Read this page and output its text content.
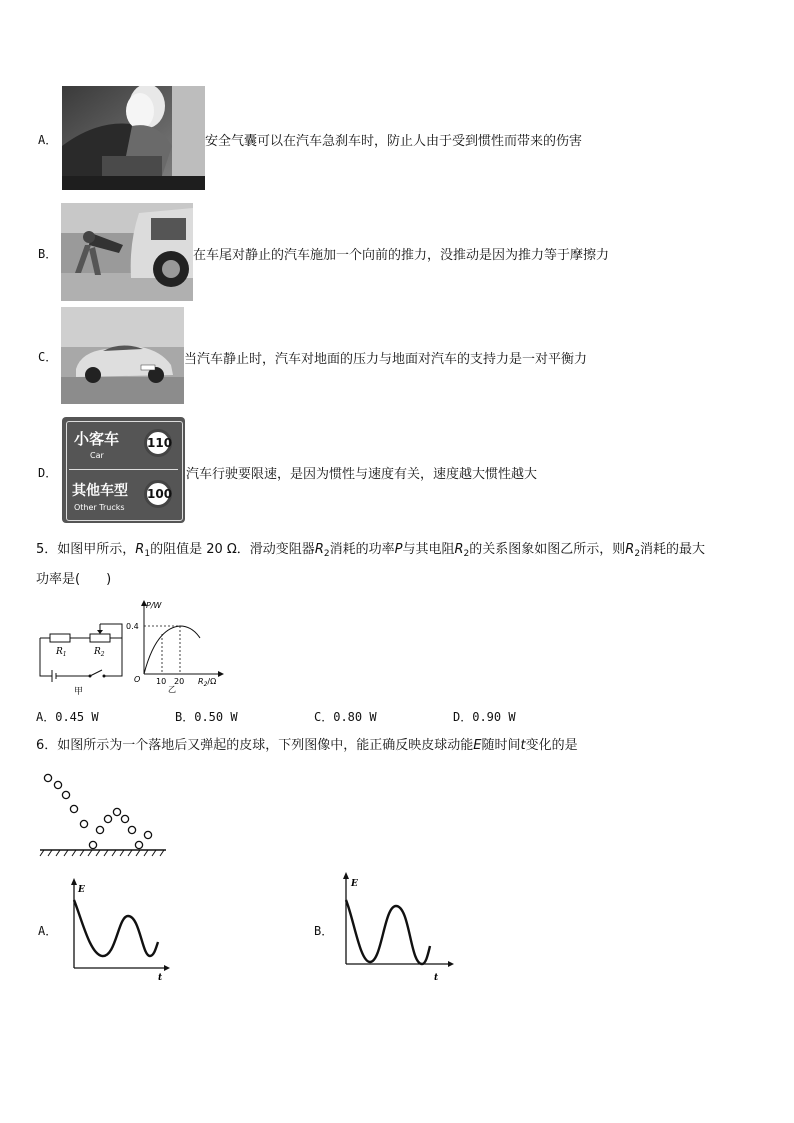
A．	安全气囊可以在汽车急刹车时，防止人由于受到惯性而带来的伤害
B．	在车尾对静止的汽车施加一个向前的推力，没推动是因为推力等于摩擦力
C．	当汽车静止时，汽车对地面的压力与地面对汽车的支持力是一对平衡力
D．
小客车
Car
110
其他车型
Other Trucks
100
汽车行驶要限速，是因为惯性与速度有关，速度越大惯性越大
5．如图甲所示，$R_1$的阻值是 20 Ω．滑动变阻器$R_2$消耗的功率P与其电阻$R_2$的关系图象如图乙所示，则$R_2$消耗的最大
功率是(　　)
$R_1$	$R_2$
甲
P/W
0.4
O 10 20 $R_2/\Omega$
乙
A．0.45 W	B．0.50 W	C．0.80 W	D．0.90 W
6．如图所示为一个落地后又弹起的皮球，下列图像中，能正确反映皮球动能E随时间t变化的是
A．
E
t
B．
E
t
